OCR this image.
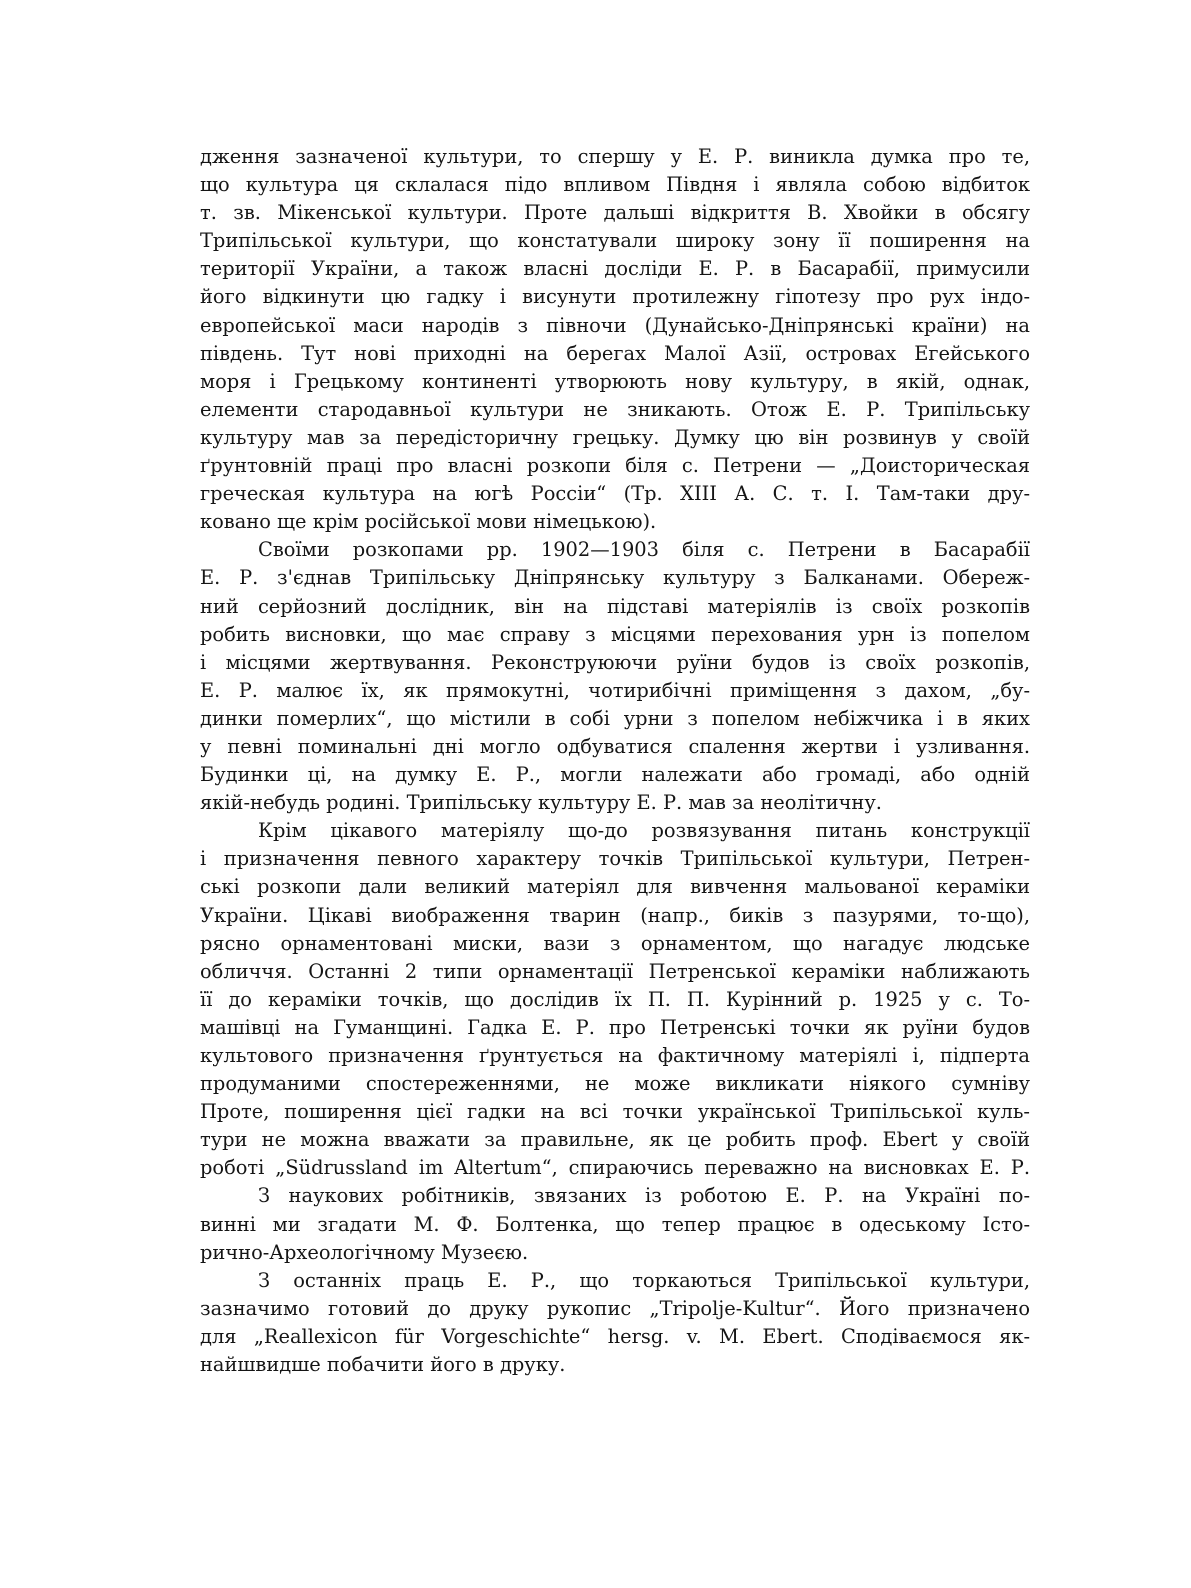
дження зазначеної культури, то спершу у Е. Р. виникла думка про те,
що культура ця склалася підо впливом Півдня і являла собою відбиток
т. зв. Мікенської культури. Проте дальші відкриття В. Хвойки в обсягу
Трипільської культури, що констатували широку зону її поширення на
території України, а також власні досліди Е. Р. в Басарабії, примусили
його відкинути цю гадку і висунути протилежну гіпотезу про рух індо-
европейської маси народів з півночи (Дунайсько-Дніпрянські країни) на
південь. Тут нові приходні на берегах Малої Азії, островах Егейського
моря і Грецькому континенті утворюють нову культуру, в якій, однак,
елементи стародавньої культури не зникають. Отож Е. Р. Трипільську
культуру мав за передісторичну грецьку. Думку цю він розвинув у своїй
ґрунтовній праці про власні розкопи біля с. Петрени — „Доисторическая
греческая культура на югѣ Россіи“ (Тр. XIII А. С. т. I. Там-таки дру-
ковано ще крім російської мови німецькою).
Своїми розкопами рр. 1902—1903 біля с. Петрени в Басарабії
Е. Р. з'єднав Трипільську Дніпрянську культуру з Балканами. Обереж-
ний серйозний дослідник, він на підставі матеріялів із своїх розкопів
робить висновки, що має справу з місцями перехования урн із попелом
і місцями жертвування. Реконструюючи руїни будов із своїх розкопів,
Е. Р. малює їх, як прямокутні, чотирибічні приміщення з дахом, „бу-
динки померлих“, що містили в собі урни з попелом небіжчика і в яких
у певні поминальні дні могло одбуватися спалення жертви і узливання.
Будинки ці, на думку Е. Р., могли належати або громаді, або одній
якій-небудь родині. Трипільську культуру Е. Р. мав за неолітичну.
Крім цікавого матеріялу що-до розвязування питань конструкції
і призначення певного характеру точків Трипільської культури, Петрен-
ські розкопи дали великий матеріял для вивчення мальованої кераміки
України. Цікаві виображення тварин (напр., биків з пазурями, то-що),
рясно орнаментовані миски, вази з орнаментом, що нагадує людське
обличчя. Останні 2 типи орнаментації Петренської кераміки наближають
її до кераміки точків, що дослідив їх П. П. Курінний р. 1925 у с. То-
машівці на Гуманщині. Гадка Е. Р. про Петренські точки як руїни будов
культового призначення ґрунтується на фактичному матеріялі і, підперта
продуманими спостереженнями, не може викликати ніякого сумніву
Проте, поширення цієї гадки на всі точки української Трипільської куль-
тури не можна вважати за правильне, як це робить проф. Ebert у своїй
роботі „Südrussland im Altertum“, спираючись переважно на висновках Е. Р.
З наукових робітників, звязаних із роботою Е. Р. на Україні по-
винні ми згадати М. Ф. Болтенка, що тепер працює в одеському Істо-
рично-Археологічному Музеєю.
З останніх праць Е. Р., що торкаються Трипільської культури,
зазначимо готовий до друку рукопис „Tripolje-Kultur“. Його призначено
для „Reallexicon für Vorgeschichte“ hersg. v. M. Ebert. Сподіваємося як-
найшвидше побачити його в друку.
